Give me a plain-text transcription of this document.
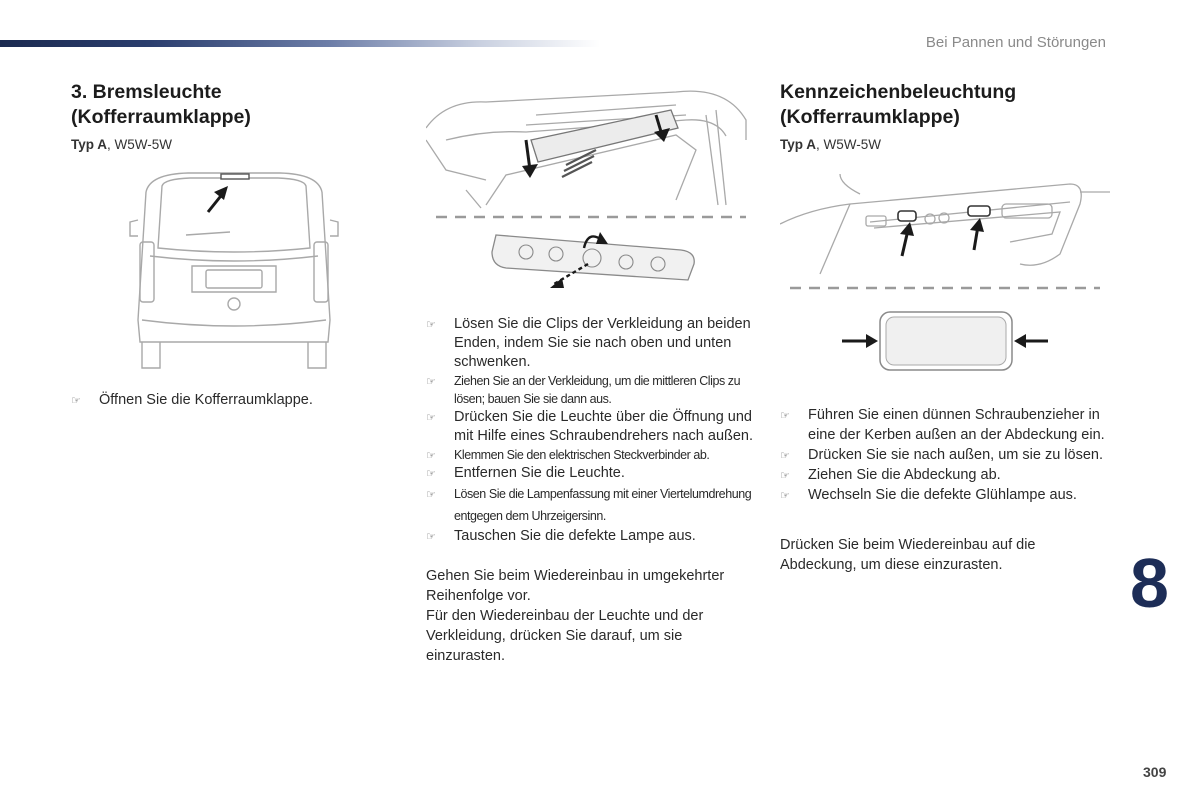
Bei Pannen und Störungen
3. Bremsleuchte
(Kofferraumklappe)
Typ A, W5W-5W
☞ Öffnen Sie die Kofferraumklappe.
☞ Lösen Sie die Clips der Verkleidung an beiden Enden, indem Sie sie nach oben und unten schwenken.
☞ Ziehen Sie an der Verkleidung, um die mittleren Clips zu lösen; bauen Sie sie dann aus.
☞ Drücken Sie die Leuchte über die Öffnung und mit Hilfe eines Schraubendrehers nach außen.
☞ Klemmen Sie den elektrischen Steckverbinder ab.
☞ Entfernen Sie die Leuchte.
☞ Lösen Sie die Lampenfassung mit einer Viertelumdrehung entgegen dem Uhrzeigersinn.
☞ Tauschen Sie die defekte Lampe aus.

Gehen Sie beim Wiedereinbau in umgekehrter Reihenfolge vor.

Für den Wiedereinbau der Leuchte und der Verkleidung, drücken Sie darauf, um sie einzurasten.

Kennzeichenbeleuchtung
(Kofferraumklappe)
Typ A, W5W-5W
☞ Führen Sie einen dünnen Schraubenzieher in eine der Kerben außen an der Abdeckung ein.
☞ Drücken Sie sie nach außen, um sie zu lösen.
☞ Ziehen Sie die Abdeckung ab.
☞ Wechseln Sie die defekte Glühlampe aus.

Drücken Sie beim Wiedereinbau auf die Abdeckung, um diese einzurasten.	8
309
